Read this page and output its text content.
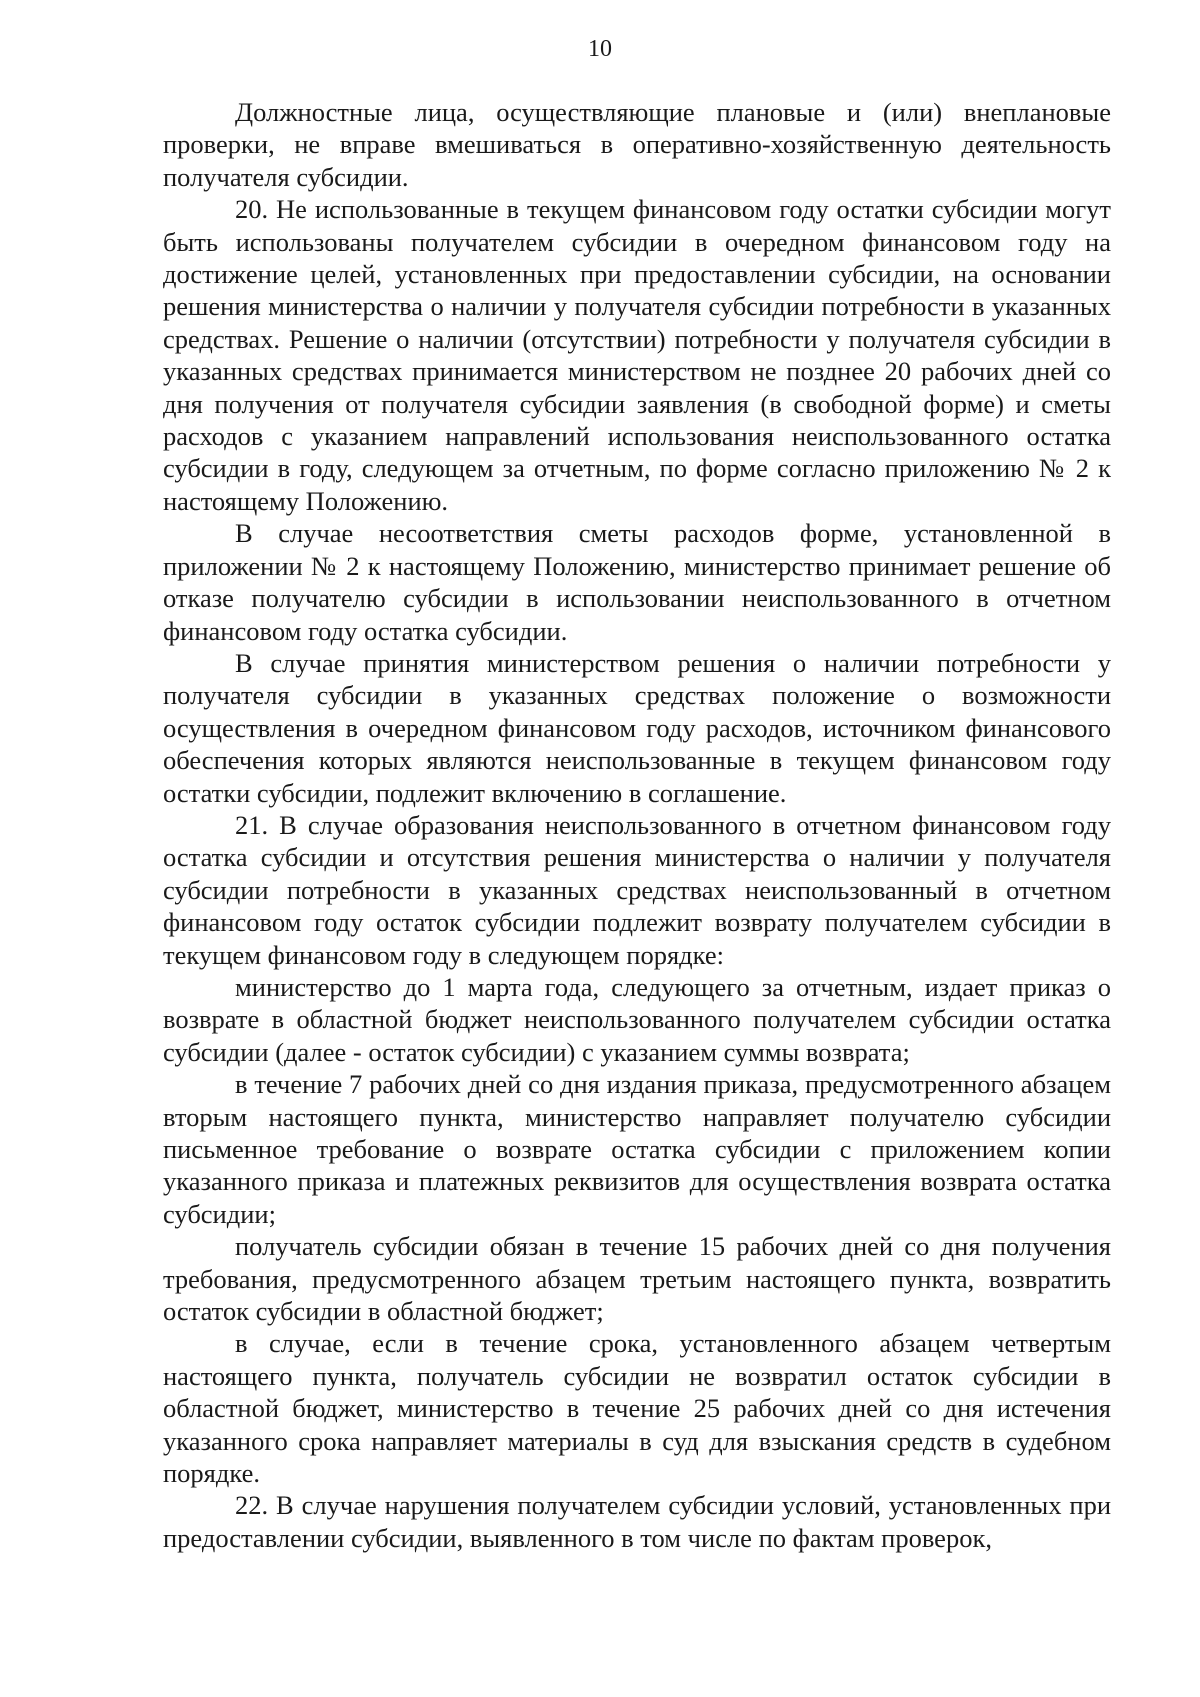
10

Должностные лица, осуществляющие плановые и (или) внеплановые проверки, не вправе вмешиваться в оперативно-хозяйственную деятельность получателя субсидии.

20. Не использованные в текущем финансовом году остатки субсидии могут быть использованы получателем субсидии в очередном финансовом году на достижение целей, установленных при предоставлении субсидии, на основании решения министерства о наличии у получателя субсидии потребности в указанных средствах. Решение о наличии (отсутствии) потребности у получателя субсидии в указанных средствах принимается министерством не позднее 20 рабочих дней со дня получения от получателя субсидии заявления (в свободной форме) и сметы расходов с указанием направлений использования неиспользованного остатка субсидии в году, следующем за отчетным, по форме согласно приложению № 2 к настоящему Положению.

В случае несоответствия сметы расходов форме, установленной в приложении № 2 к настоящему Положению, министерство принимает решение об отказе получателю субсидии в использовании неиспользованного в отчетном финансовом году остатка субсидии.

В случае принятия министерством решения о наличии потребности у получателя субсидии в указанных средствах положение о возможности осуществления в очередном финансовом году расходов, источником финансового обеспечения которых являются неиспользованные в текущем финансовом году остатки субсидии, подлежит включению в соглашение.

21. В случае образования неиспользованного в отчетном финансовом году остатка субсидии и отсутствия решения министерства о наличии у получателя субсидии потребности в указанных средствах неиспользованный в отчетном финансовом году остаток субсидии подлежит возврату получателем субсидии в текущем финансовом году в следующем порядке:

министерство до 1 марта года, следующего за отчетным, издает приказ о возврате в областной бюджет неиспользованного получателем субсидии остатка субсидии (далее - остаток субсидии) с указанием суммы возврата;

в течение 7 рабочих дней со дня издания приказа, предусмотренного абзацем вторым настоящего пункта, министерство направляет получателю субсидии письменное требование о возврате остатка субсидии с приложением копии указанного приказа и платежных реквизитов для осуществления возврата остатка субсидии;

получатель субсидии обязан в течение 15 рабочих дней со дня получения требования, предусмотренного абзацем третьим настоящего пункта, возвратить остаток субсидии в областной бюджет;

в случае, если в течение срока, установленного абзацем четвертым настоящего пункта, получатель субсидии не возвратил остаток субсидии в областной бюджет, министерство в течение 25 рабочих дней со дня истечения указанного срока направляет материалы в суд для взыскания средств в судебном порядке.

22. В случае нарушения получателем субсидии условий, установленных при предоставлении субсидии, выявленного в том числе по фактам проверок,
